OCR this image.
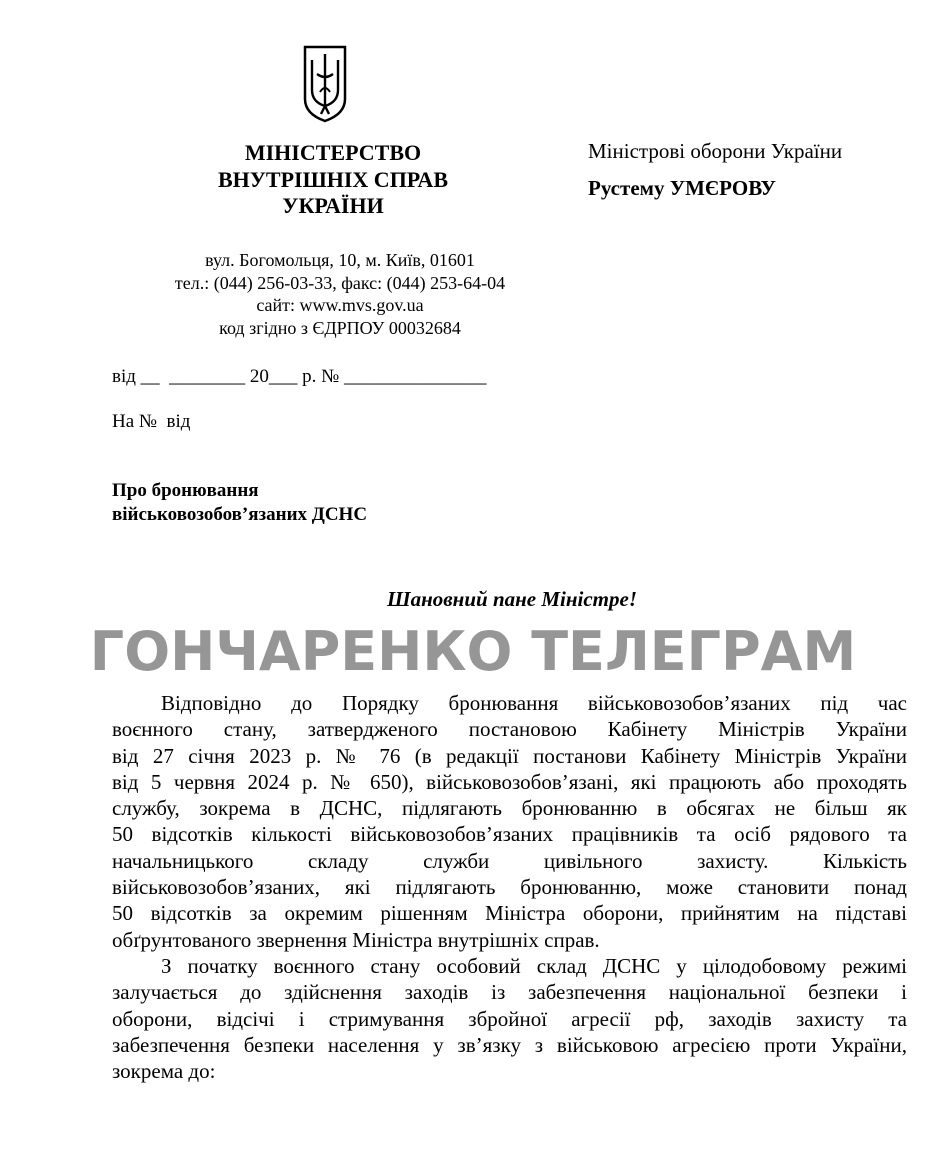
МІНІСТЕРСТВО
ВНУТРІШНІХ СПРАВ
УКРАЇНИ
вул. Богомольця, 10, м. Київ, 01601
тел.: (044) 256-03-33, факс: (044) 253-64-04
сайт: www.mvs.gov.ua
код згідно з ЄДРПОУ 00032684
Міністрові оборони України
Рустему УМЄРОВУ
від __  ________ 20___ р. № _______________
На №  від
Про бронювання
військовозобов’язаних ДСНС
Шановний пане Міністре!
ГОНЧАРЕНКО ТЕЛЕГРАМ
Відповідно до Порядку бронювання військовозобов’язаних під час
воєнного стану, затвердженого постановою Кабінету Міністрів України
від 27 січня 2023 р. № 76 (в редакції постанови Кабінету Міністрів України
від 5 червня 2024 р. № 650), військовозобов’язані, які працюють або проходять
службу, зокрема в ДСНС, підлягають бронюванню в обсягах не більш як
50 відсотків кількості військовозобов’язаних працівників та осіб рядового та
начальницького складу служби цивільного захисту. Кількість
військовозобов’язаних, які підлягають бронюванню, може становити понад
50 відсотків за окремим рішенням Міністра оборони, прийнятим на підставі
обґрунтованого звернення Міністра внутрішніх справ.
З початку воєнного стану особовий склад ДСНС у цілодобовому режимі
залучається до здійснення заходів із забезпечення національної безпеки і
оборони, відсічі і стримування збройної агресії рф, заходів захисту та
забезпечення безпеки населення у зв’язку з військовою агресією проти України,
зокрема до:
